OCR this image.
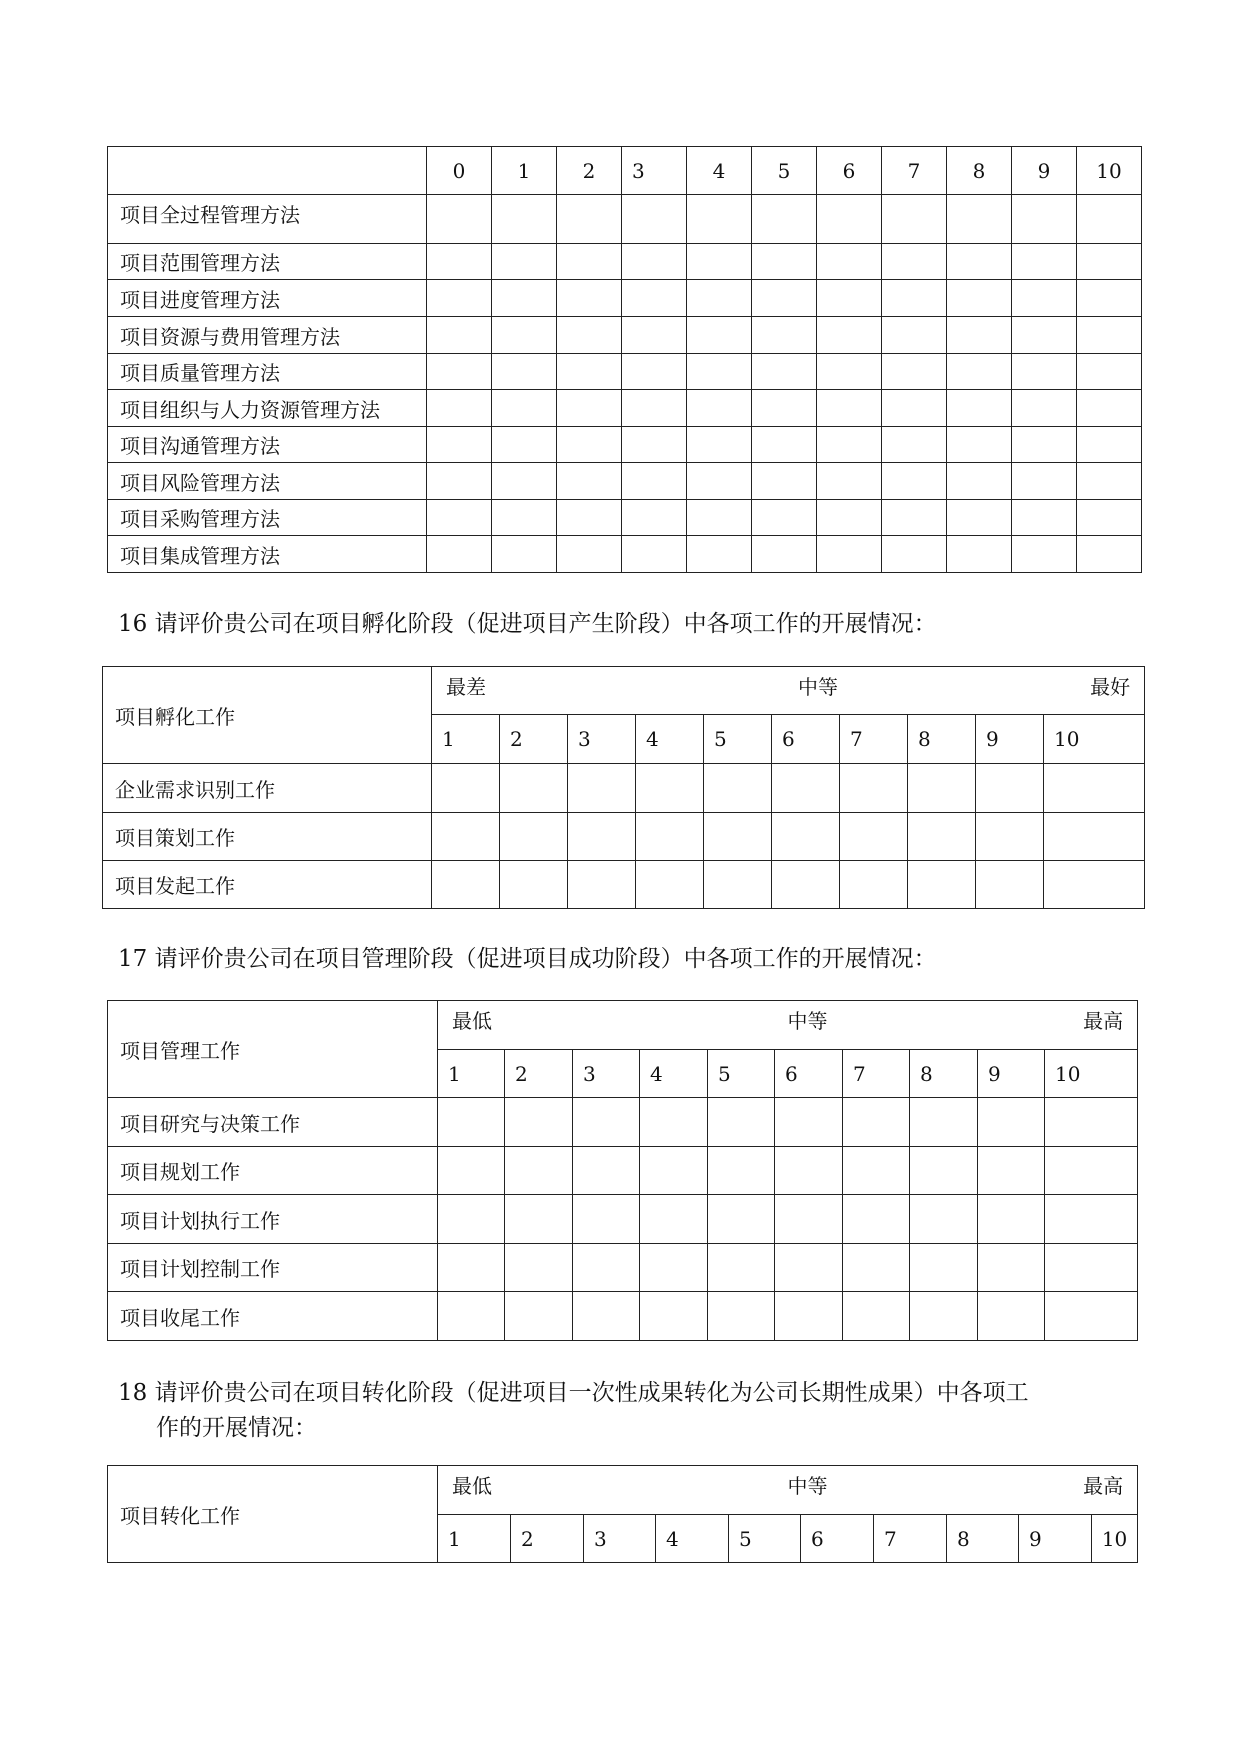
	0	1	2	3	4	5	6	7	8	9	10
项目全过程管理方法											
项目范围管理方法											
项目进度管理方法											
项目资源与费用管理方法											
项目质量管理方法											
项目组织与人力资源管理方法											
项目沟通管理方法											
项目风险管理方法											
项目采购管理方法											
项目集成管理方法											
16 请评价贵公司在项目孵化阶段（促进项目产生阶段）中各项工作的开展情况：
项目孵化工作	最差 中等 最好									

	1	2	3	4	5	6	7	8	9	10
企业需求识别工作										
项目策划工作										
项目发起工作										
17 请评价贵公司在项目管理阶段（促进项目成功阶段）中各项工作的开展情况：
项目管理工作	最低 中等 最高									

	1	2	3	4	5	6	7	8	9	10
项目研究与决策工作										
项目规划工作										
项目计划执行工作										
项目计划控制工作										
项目收尾工作										
18 请评价贵公司在项目转化阶段（促进项目一次性成果转化为公司长期性成果）中各项工
作的开展情况：
项目转化工作	最低 中等 最高									

	1	2	3	4	5	6	7	8	9	10
